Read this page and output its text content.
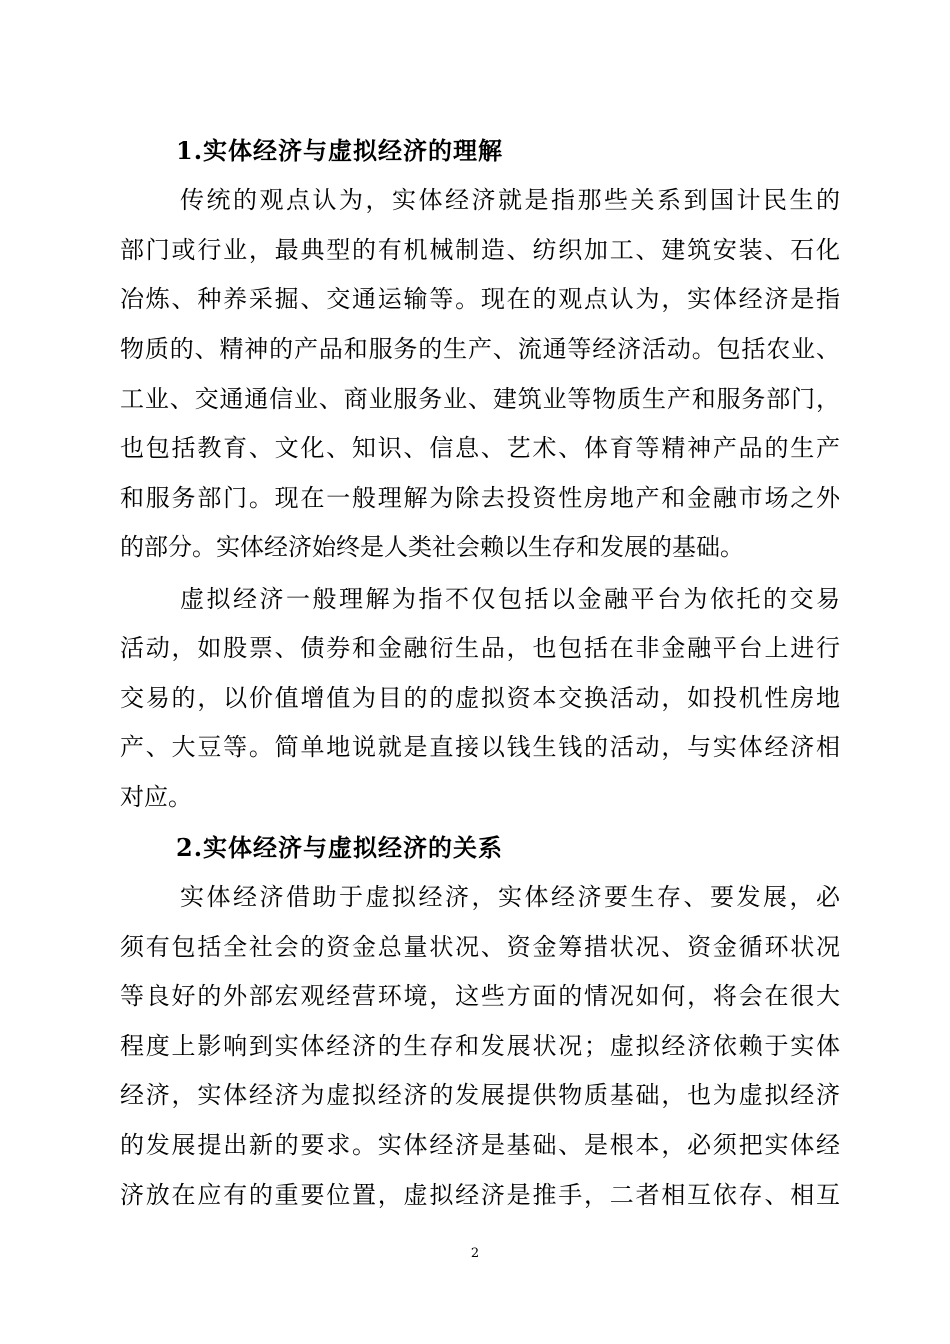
1.实体经济与虚拟经济的理解
传统的观点认为，实体经济就是指那些关系到国计民生的
部门或行业，最典型的有机械制造、纺织加工、建筑安装、石化
冶炼、种养采掘、交通运输等。现在的观点认为，实体经济是指
物质的、精神的产品和服务的生产、流通等经济活动。包括农业、
工业、交通通信业、商业服务业、建筑业等物质生产和服务部门，
也包括教育、文化、知识、信息、艺术、体育等精神产品的生产
和服务部门。现在一般理解为除去投资性房地产和金融市场之外
的部分。实体经济始终是人类社会赖以生存和发展的基础。
虚拟经济一般理解为指不仅包括以金融平台为依托的交易
活动，如股票、债券和金融衍生品，也包括在非金融平台上进行
交易的，以价值增值为目的的虚拟资本交换活动，如投机性房地
产、大豆等。简单地说就是直接以钱生钱的活动，与实体经济相
对应。
2.实体经济与虚拟经济的关系
实体经济借助于虚拟经济，实体经济要生存、要发展，必
须有包括全社会的资金总量状况、资金筹措状况、资金循环状况
等良好的外部宏观经营环境，这些方面的情况如何，将会在很大
程度上影响到实体经济的生存和发展状况；虚拟经济依赖于实体
经济，实体经济为虚拟经济的发展提供物质基础，也为虚拟经济
的发展提出新的要求。实体经济是基础、是根本，必须把实体经
济放在应有的重要位置，虚拟经济是推手，二者相互依存、相互
2
